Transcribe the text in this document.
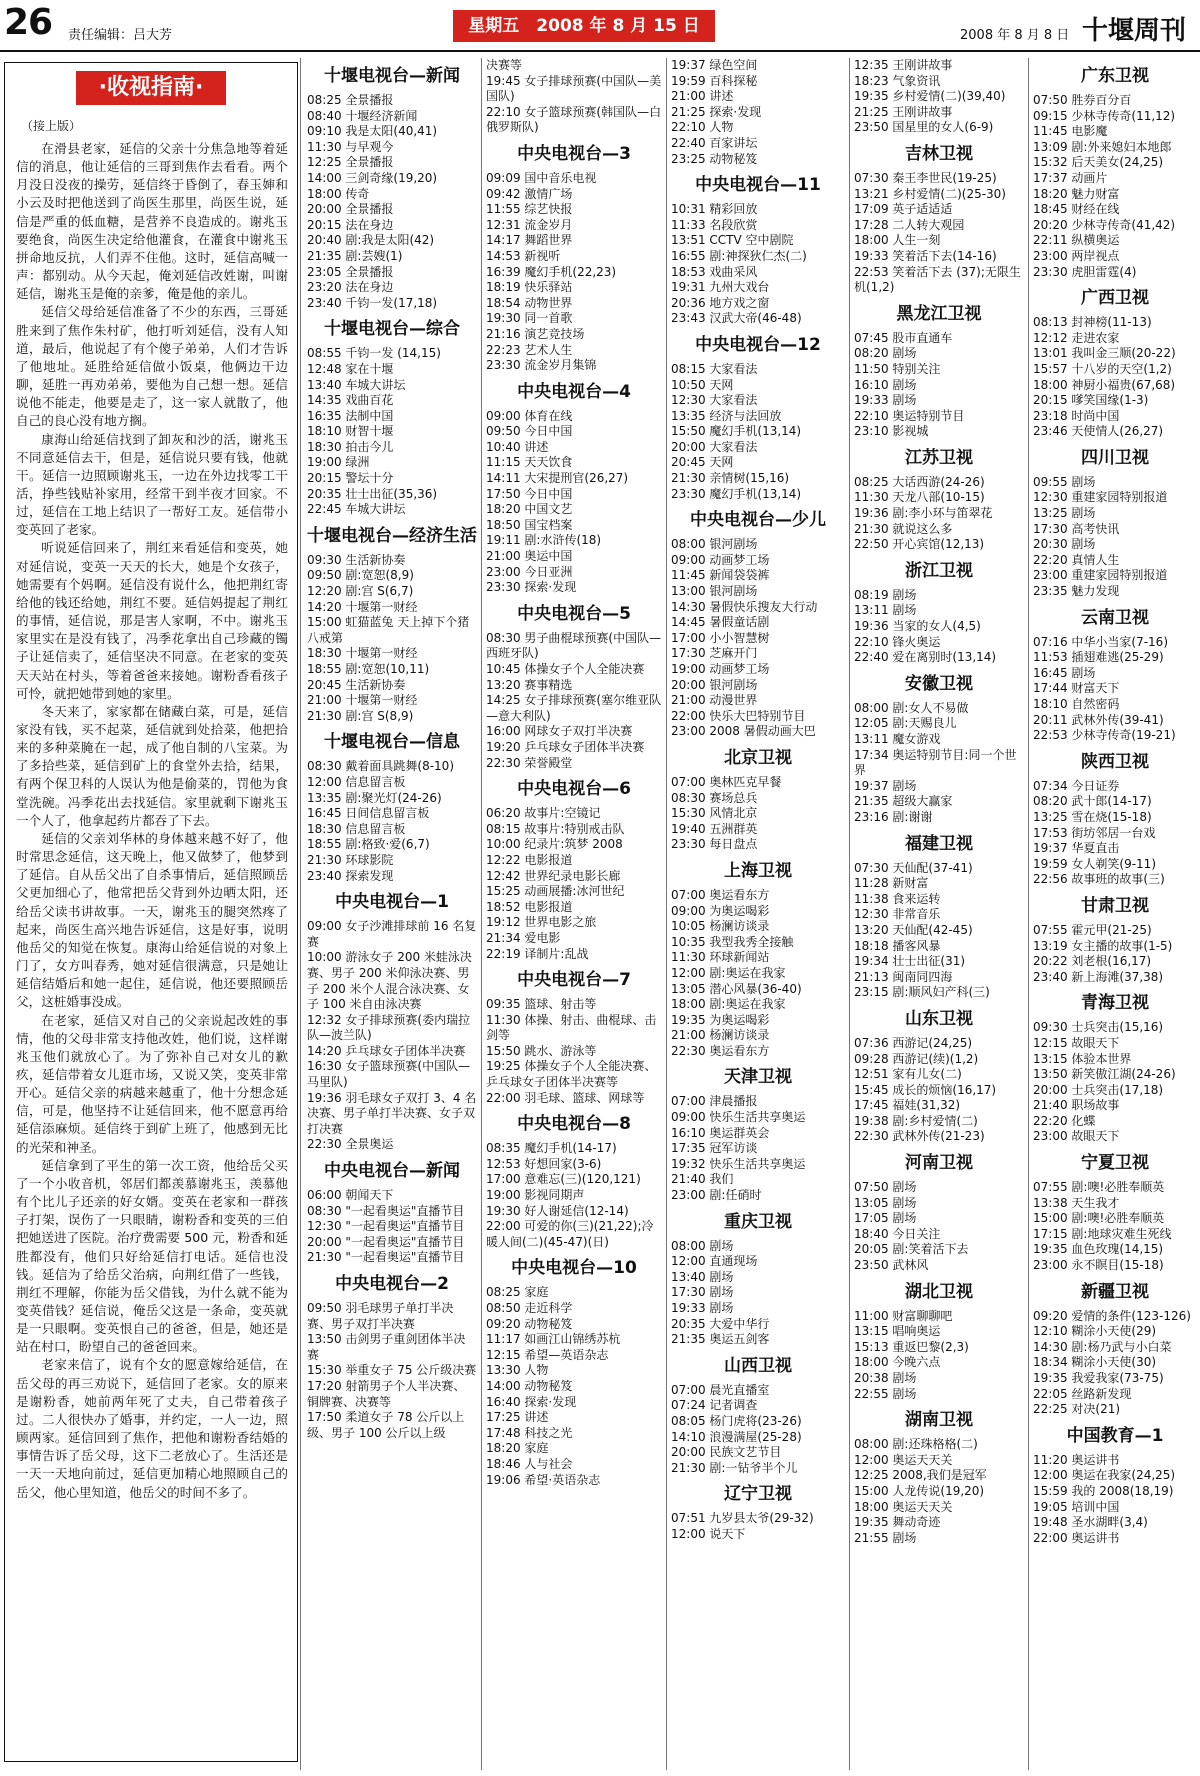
26 责任编辑：吕大芳	星期五　2008 年 8 月 15 日	2008 年 8 月 8 日 十堰周刊
·收视指南·
（接上版）

在滑县老家，延信的父亲十分焦急地等着延信的消息，他让延信的三哥到焦作去看看。两个月没日没夜的操劳，延信终于昏倒了，春玉婶和小云及时把他送到了尚医生那里，尚医生说，延信是严重的低血糖，是营养不良造成的。谢兆玉要绝食，尚医生决定给他灌食，在灌食中谢兆玉拼命地反抗，人们弄不住他。这时，延信高喊一声：都别动。从今天起，俺刘延信改姓谢，叫谢延信，谢兆玉是俺的亲爹，俺是他的亲儿。

延信父母给延信准备了不少的东西，三哥延胜来到了焦作朱村矿，他打听刘延信，没有人知道，最后，他说起了有个傻子弟弟，人们才告诉了他地址。延胜给延信做小饭桌，他俩边干边聊，延胜一再劝弟弟，要他为自己想一想。延信说他不能走，他要是走了，这一家人就散了，他自己的良心没有地方搁。

康海山给延信找到了卸灰和沙的活，谢兆玉不同意延信去干，但是，延信说只要有钱，他就干。延信一边照顾谢兆玉，一边在外边找零工干活，挣些钱贴补家用，经常干到半夜才回家。不过，延信在工地上结识了一帮好工友。延信带小变英回了老家。

听说延信回来了，荆红来看延信和变英，她对延信说，变英一天天的长大，她是个女孩子，她需要有个妈啊。延信没有说什么，他把荆红寄给他的钱还给她，荆红不要。延信妈提起了荆红的事情，延信说，那是害人家啊，不中。谢兆玉家里实在是没有钱了，冯季花拿出自己珍藏的镯子让延信卖了，延信坚决不同意。在老家的变英天天站在村头，等着爸爸来接她。谢粉香看孩子可怜，就把她带到她的家里。

冬天来了，家家都在储藏白菜，可是，延信家没有钱，买不起菜，延信就到处拾菜，他把拾来的多种菜腌在一起，成了他自制的八宝菜。为了多拾些菜，延信到矿上的食堂外去拾，结果，有两个保卫科的人误认为他是偷菜的，罚他为食堂洗碗。冯季花出去找延信。家里就剩下谢兆玉一个人了，他拿起药片都吞了下去。

延信的父亲刘华林的身体越来越不好了，他时常思念延信，这天晚上，他又做梦了，他梦到了延信。自从岳父出了自杀事情后，延信照顾岳父更加细心了，他常把岳父背到外边晒太阳，还给岳父读书讲故事。一天，谢兆玉的腿突然疼了起来，尚医生高兴地告诉延信，这是好事，说明他岳父的知觉在恢复。康海山给延信说的对象上门了，女方叫春秀，她对延信很满意，只是她让延信结婚后和她一起住，延信说，他还要照顾岳父，这桩婚事没成。

在老家，延信又对自己的父亲说起改姓的事情，他的父母非常支持他改姓，他们说，这样谢兆玉他们就放心了。为了弥补自己对女儿的歉疚，延信带着女儿逛市场，又说又笑，变英非常开心。延信父亲的病越来越重了，他十分想念延信，可是，他坚持不让延信回来，他不愿意再给延信添麻烦。延信终于到矿上班了，他感到无比的光荣和神圣。

延信拿到了平生的第一次工资，他给岳父买了一个小收音机，邻居们都羡慕谢兆玉，羡慕他有个比儿子还亲的好女婿。变英在老家和一群孩子打架，误伤了一只眼睛，谢粉香和变英的三伯把她送进了医院。治疗费需要 500 元，粉香和延胜都没有，他们只好给延信打电话。延信也没钱。延信为了给岳父治病，向荆红借了一些钱，荆红不理解，你能为岳父借钱，为什么就不能为变英借钱？延信说，俺岳父这是一条命，变英就是一只眼啊。变英恨自己的爸爸，但是，她还是站在村口，盼望自己的爸爸回来。

老家来信了，说有个女的愿意嫁给延信，在岳父母的再三劝说下，延信回了老家。女的原来是谢粉香，她前两年死了丈夫，自己带着孩子过。二人很快办了婚事，并约定，一人一边，照顾两家。延信回到了焦作，把他和谢粉香结婚的事情告诉了岳父母，这下二老放心了。生活还是一天一天地向前过，延信更加精心地照顾自己的岳父，他心里知道，他岳父的时间不多了。

十堰电视台—新闻
08:25 全景播报
08:40 十堰经济新闻
09:10 我是太阳(40,41)
11:30 与早观今
12:25 全景播报
14:00 三剑奇缘(19,20)
18:00 传奇
20:00 全景播报
20:15 法在身边
20:40 剧:我是太阳(42)
21:35 剧:芸嫂(1)
23:05 全景播报
23:20 法在身边
23:40 千钧一发(17,18)
十堰电视台—综合
08:55 千钧一发 (14,15)
12:48 家在十堰
13:40 车城大讲坛
14:35 戏曲百花
16:35 法制中国
18:10 财智十堰
18:30 拍击今儿
19:00 绿洲
20:15 警坛十分
20:35 壮士出征(35,36)
22:45 车城大讲坛
十堰电视台—经济生活
09:30 生活新协奏
09:50 剧:宽恕(8,9)
12:20 剧:宫 S(6,7)
14:20 十堰第一财经
15:00 虹猫蓝兔 天上掉下个猪八戒第
18:30 十堰第一财经
18:55 剧:宽恕(10,11)
20:45 生活新协奏
21:00 十堰第一财经
21:30 剧:宫 S(8,9)
十堰电视台—信息
08:30 戴着面具跳舞(8-10)
12:00 信息留言板
13:35 剧:聚光灯(24-26)
16:45 日间信息留言板
18:30 信息留言板
18:55 剧:格致·爱(6,7)
21:30 环球影院
23:40 探索发现
中央电视台—1
09:00 女子沙滩排球前 16 名复赛
10:00 游泳女子 200 米蛙泳决赛、男子 200 米仰泳决赛、男子 200 米个人混合泳决赛、女子 100 米自由泳决赛
12:32 女子排球预赛(委内瑞拉队—波兰队)
14:20 乒乓球女子团体半决赛
16:30 女子篮球预赛(中国队—马里队)
19:36 羽毛球女子双打 3、4 名决赛、男子单打半决赛、女子双打决赛
22:30 全景奥运
中央电视台—新闻
06:00 朝闻天下
08:30 "一起看奥运"直播节目
12:30 "一起看奥运"直播节目
20:00 "一起看奥运"直播节目
21:30 "一起看奥运"直播节目
中央电视台—2
09:50 羽毛球男子单打半决赛、男子双打半决赛
13:50 击剑男子重剑团体半决赛
15:30 举重女子 75 公斤级决赛
17:20 射箭男子个人半决赛、铜牌赛、决赛等
17:50 柔道女子 78 公斤以上级、男子 100 公斤以上级
决赛等
19:45 女子排球预赛(中国队—美国队)
22:10 女子篮球预赛(韩国队—白俄罗斯队)
中央电视台—3
09:09 国中音乐电视
09:42 激情广场
11:55 综艺快报
12:31 流金岁月
14:17 舞蹈世界
14:53 新视听
16:39 魔幻手机(22,23)
18:19 快乐驿站
18:54 动物世界
19:30 同一首歌
21:16 演艺竞技场
22:23 艺术人生
23:30 流金岁月集锦
中央电视台—4
09:00 体育在线
09:50 今日中国
10:40 讲述
11:15 天天饮食
14:11 大宋提刑官(26,27)
17:50 今日中国
18:20 中国文艺
18:50 国宝档案
19:11 剧:水浒传(18)
21:00 奥运中国
23:00 今日亚洲
23:30 探索·发现
中央电视台—5
08:30 男子曲棍球预赛(中国队—西班牙队)
10:45 体操女子个人全能决赛
13:20 赛事精选
14:25 女子排球预赛(塞尔维亚队—意大利队)
16:00 网球女子双打半决赛
19:20 乒乓球女子团体半决赛
22:30 荣誉殿堂
中央电视台—6
06:20 故事片:空镜记
08:15 故事片:特别戒击队
10:00 纪录片:筑梦 2008
12:22 电影报道
12:42 世界纪录电影长廊
15:25 动画展播:冰河世纪
18:52 电影报道
19:12 世界电影之旅
21:34 爱电影
22:19 译制片:乱战
中央电视台—7
09:35 篮球、射击等
11:30 体操、射击、曲棍球、击剑等
15:50 跳水、游泳等
19:25 体操女子个人全能决赛、乒乓球女子团体半决赛等
22:00 羽毛球、篮球、网球等
中央电视台—8
08:35 魔幻手机(14-17)
12:53 好想回家(3-6)
17:00 意难忘(三)(120,121)
19:00 影视同期声
19:30 好人谢延信(12-14)
22:00 可爱的你(三)(21,22);冷暖人间(二)(45-47)(日)
中央电视台—10
08:25 家庭
08:50 走近科学
09:20 动物秘笈
11:17 如画江山锦绣苏杭
12:15 希望—英语杂志
13:30 人物
14:00 动物秘笈
16:40 探索·发现
17:25 讲述
17:48 科技之光
18:20 家庭
18:46 人与社会
19:06 希望·英语杂志
19:37 绿色空间
19:59 百科探秘
21:00 讲述
21:25 探索·发现
22:10 人物
22:40 百家讲坛
23:25 动物秘笈
中央电视台—11
10:31 精彩回放
11:33 名段欣赏
13:51 CCTV 空中剧院
16:55 剧:神探狄仁杰(二)
18:53 戏曲采风
19:31 九州大戏台
20:36 地方戏之窗
23:43 汉武大帝(46-48)
中央电视台—12
08:15 大家看法
10:50 天网
12:30 大家看法
13:35 经济与法回放
15:50 魔幻手机(13,14)
20:00 大家看法
20:45 天网
21:30 亲情树(15,16)
23:30 魔幻手机(13,14)
中央电视台—少儿
08:00 银河剧场
09:00 动画梦工场
11:45 新闻袋袋裤
13:00 银河剧场
14:30 暑假快乐搜友大行动
14:45 暑假童话剧
17:00 小小智慧树
17:30 芝麻开门
19:00 动画梦工场
20:00 银河剧场
21:00 动漫世界
22:00 快乐大巴特别节目
23:00 2008 暑假动画大巴
北京卫视
07:00 奥林匹克早餐
08:30 赛场总兵
15:30 风情北京
19:40 五洲群英
23:30 每日盘点
上海卫视
07:00 奥运看东方
09:00 为奥运喝彩
10:05 杨澜访谈录
10:35 我型我秀全接触
11:30 环球新闻站
12:00 剧:奥运在我家
13:05 潜心风暴(36-40)
18:00 剧:奥运在我家
19:35 为奥运喝彩
21:00 杨澜访谈录
22:30 奥运看东方
天津卫视
07:00 津晨播报
09:00 快乐生活共享奥运
16:10 奥运群英会
17:35 冠军访谈
19:32 快乐生活共享奥运
21:40 我们
23:00 剧:任硝时
重庆卫视
08:00 剧场
12:00 直通现场
13:40 剧场
17:30 剧场
19:33 剧场
20:35 大爱中华行
21:35 奥运五剑客
山西卫视
07:00 晨光直播室
07:24 记者调查
08:05 杨门虎将(23-26)
14:10 浪漫满屋(25-28)
20:00 民族文艺节目
21:30 剧:一钻爷半个儿
辽宁卫视
07:51 九岁县太爷(29-32)
12:00 说天下
12:35 王刚讲故事
18:23 气象资讯
19:35 乡村爱情(二)(39,40)
21:25 王刚讲故事
23:50 国星里的女人(6-9)
吉林卫视
07:30 秦王李世民(19-25)
13:21 乡村爱情(二)(25-30)
17:09 英子适适适
17:28 二人转大观园
18:00 人生一刻
19:33 笑着活下去(14-16)
22:53 笑着活下去 (37);无限生机(1,2)
黑龙江卫视
07:45 股市直通车
08:20 剧场
11:50 特别关注
16:10 剧场
19:33 剧场
22:10 奥运特别节目
23:10 影视城
江苏卫视
08:25 大话西游(24-26)
11:30 天龙八部(10-15)
19:36 剧:李小环与笛翠花
21:30 就说这么多
22:50 开心宾馆(12,13)
浙江卫视
08:19 剧场
13:11 剧场
19:36 当家的女人(4,5)
22:10 锋火奥运
22:40 爱在离别时(13,14)
安徽卫视
08:00 剧:女人不易做
12:05 剧:天赐良儿
13:11 魔女游戏
17:34 奥运特别节目:同一个世界
19:37 剧场
21:35 超级大赢家
23:16 剧:谢谢
福建卫视
07:30 天仙配(37-41)
11:28 新财富
11:38 食来运转
12:30 非常音乐
13:20 天仙配(42-45)
18:18 播客风暴
19:34 壮士出征(31)
21:13 闽南同四海
23:15 剧:顺风妇产科(三)
山东卫视
07:36 西游记(24,25)
09:28 西游记(续)(1,2)
12:51 家有儿女(二)
15:45 成长的烦恼(16,17)
17:45 福娃(31,32)
19:38 剧:乡村爱情(二)
22:30 武林外传(21-23)
河南卫视
07:50 剧场
13:05 剧场
17:05 剧场
18:40 今日关注
20:05 剧:笑着活下去
23:50 武林风
湖北卫视
11:00 财富聊聊吧
13:15 唱响奥运
15:13 重返巴黎(2,3)
18:00 今晚六点
20:38 剧场
22:55 剧场
湖南卫视
08:00 剧:还珠格格(二)
12:00 奥运天天关
12:25 2008,我们是冠军
15:00 人龙传说(19,20)
18:00 奥运天天关
19:35 舞动奇迹
21:55 剧场
广东卫视
07:50 胜券百分百
09:15 少林寺传奇(11,12)
11:45 电影魔
13:09 剧:外来媳妇本地郎
15:32 后天美女(24,25)
17:37 动画片
18:20 魅力财富
18:45 财经在线
20:20 少林寺传奇(41,42)
22:11 纵横奥运
23:00 两岸视点
23:30 虎胆雷霆(4)
广西卫视
08:13 封神榜(11-13)
12:12 走进农家
13:01 我叫金三顺(20-22)
15:57 十八岁的天空(1,2)
18:00 神厨小福贵(67,68)
20:15 嗲笑国缘(1-3)
23:18 时尚中国
23:46 天使情人(26,27)
四川卫视
09:55 剧场
12:30 重建家园特别报道
13:25 剧场
17:30 高考快讯
20:30 剧场
22:20 真情人生
23:00 重建家园特别报道
23:35 魅力发现
云南卫视
07:16 中华小当家(7-16)
11:53 插翅难逃(25-29)
16:45 剧场
17:44 财富天下
18:10 自然密码
20:11 武林外传(39-41)
22:53 少林寺传奇(19-21)
陕西卫视
07:34 今日证券
08:20 武十郎(14-17)
13:25 雪在烧(15-18)
17:53 街坊邻居一台戏
19:37 华夏直击
19:59 女人剃笑(9-11)
22:56 故事班的故事(三)
甘肃卫视
07:55 霍元甲(21-25)
13:19 女主播的故事(1-5)
20:22 刘老根(16,17)
23:40 新上海滩(37,38)
青海卫视
09:30 士兵突击(15,16)
12:15 故眼天下
13:15 体验本世界
13:50 新笑傲江湖(24-26)
20:00 士兵突击(17,18)
21:40 职场故事
22:20 化蝶
23:00 故眼天下
宁夏卫视
07:55 剧:噢!必胜奉顺英
13:38 天生我才
15:00 剧:噢!必胜奉顺英
17:15 剧:地球灾难生死线
19:35 血色玫瑰(14,15)
23:00 永不瞑目(15-18)
新疆卫视
09:20 爱情的条件(123-126)
12:10 糊涂小天使(29)
14:30 剧:杨乃武与小白菜
18:34 糊涂小天使(30)
19:35 我爱我家(73-75)
22:05 丝路新发现
22:25 对决(21)
中国教育—1
11:20 奥运讲书
12:00 奥运在我家(24,25)
15:59 我的 2008(18,19)
19:05 培训中国
19:48 圣水湖畔(3,4)
22:00 奥运讲书
